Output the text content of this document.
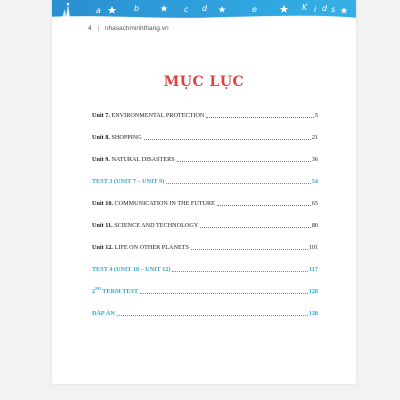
a	b	c d	e	K i d s
4 | nhasachminhthang.vn
MỤC LỤC
Unit 7. ENVIRONMENTAL PROTECTION	5
Unit 8. SHOPPING	21
Unit 9. NATURAL DISASTERS	36
TEST 3 (UNIT 7 – UNIT 9)	54
Unit 10. COMMUNICATION IN THE FUTURE	65
Unit 11. SCIENCE AND TECHNOLOGY	80
Unit 12. LIFE ON OTHER PLANETS	101
TEST 4 (UNIT 10 – UNIT 12)	117
2ND TERM TEST	128
ĐÁP ÁN	138
